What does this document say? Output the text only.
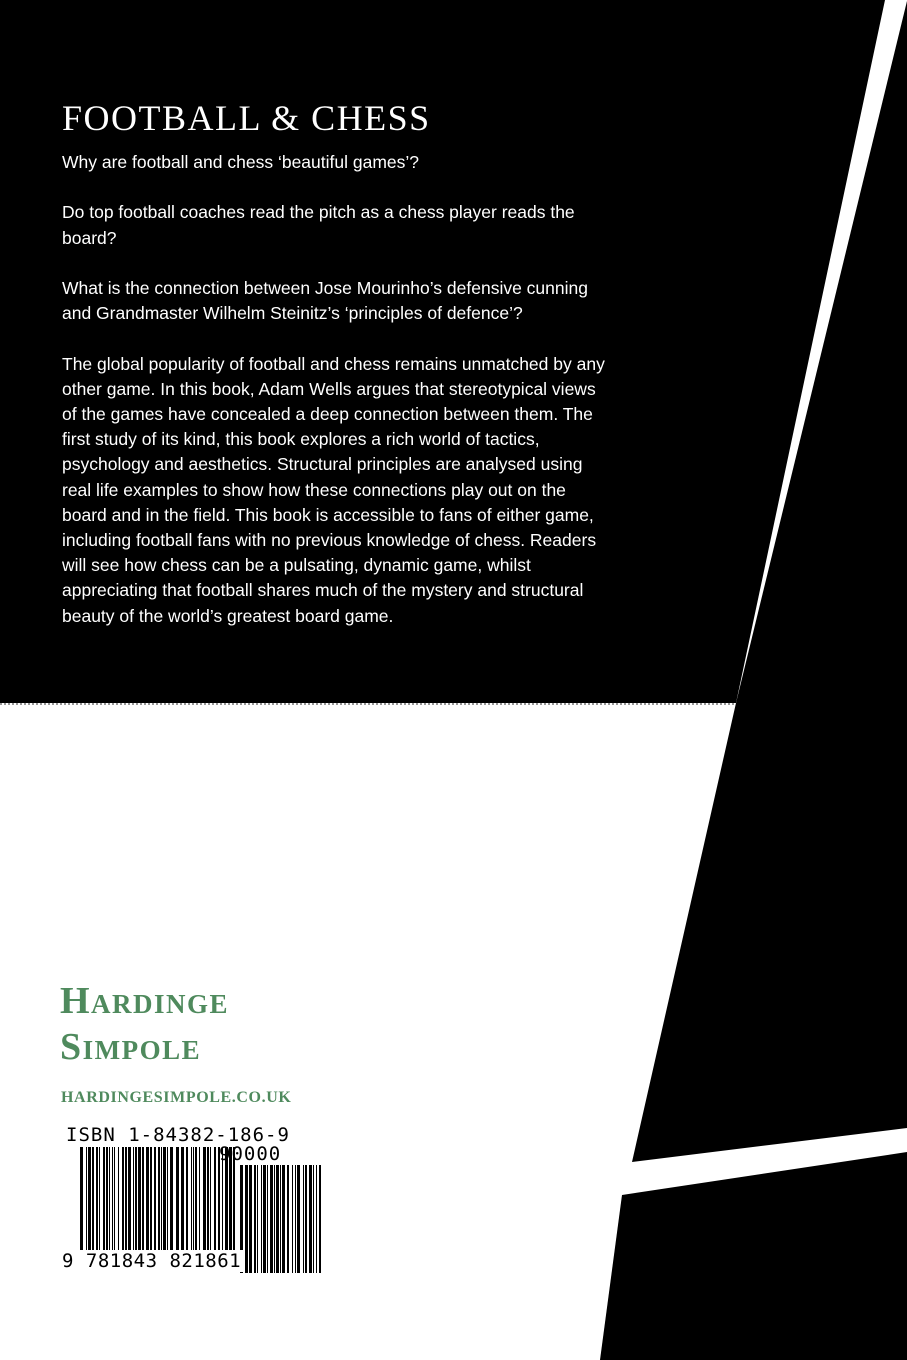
FOOTBALL & CHESS

Why are football and chess ‘beautiful games’?

Do top football coaches read the pitch as a chess player reads the board?

What is the connection between Jose Mourinho’s defensive cunning and Grandmaster Wilhelm Steinitz’s ‘principles of defence’?

The global popularity of football and chess remains unmatched by any other game. In this book, Adam Wells argues that stereotypical views of the games have concealed a deep connection between them. The first study of its kind, this book explores a rich world of tactics, psychology and aesthetics. Structural principles are analysed using real life examples to show how these connections play out on the board and in the field. This book is accessible to fans of either game, including football fans with no previous knowledge of chess. Readers will see how chess can be a pulsating, dynamic game, whilst appreciating that football shares much of the mystery and structural beauty of the world’s greatest board game.

Hardinge
Simpole
HARDINGESIMPOLE.CO.UK
ISBN 1-84382-186-9
90000
9 781843 821861
